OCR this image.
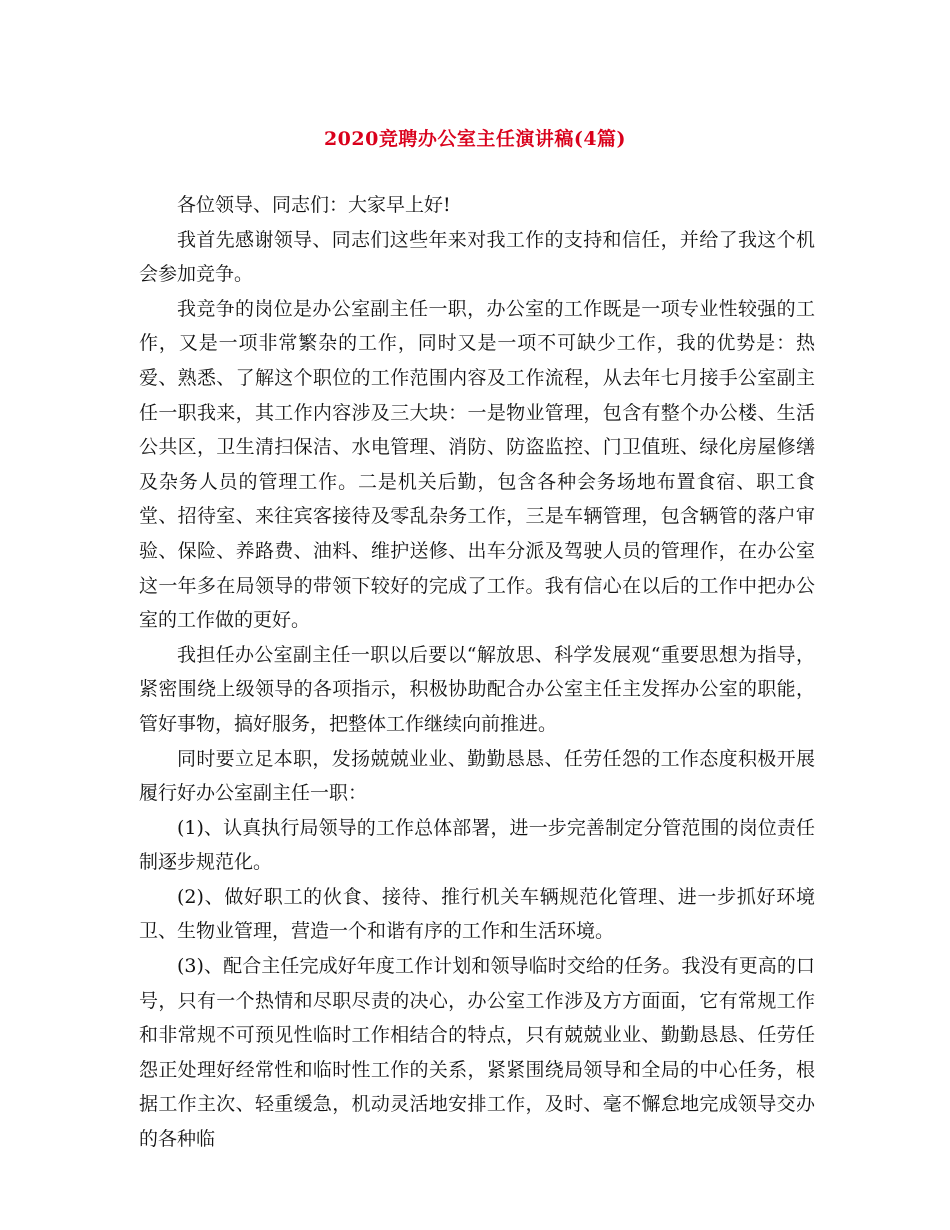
2020竞聘办公室主任演讲稿(4篇)

各位领导、同志们：大家早上好!

我首先感谢领导、同志们这些年来对我工作的支持和信任，并给了我这个机会参加竞争。

我竞争的岗位是办公室副主任一职，办公室的工作既是一项专业性较强的工作，又是一项非常繁杂的工作，同时又是一项不可缺少工作，我的优势是：热爱、熟悉、了解这个职位的工作范围内容及工作流程，从去年七月接手公室副主任一职我来，其工作内容涉及三大块：一是物业管理，包含有整个办公楼、生活公共区，卫生清扫保洁、水电管理、消防、防盗监控、门卫值班、绿化房屋修缮及杂务人员的管理工作。二是机关后勤，包含各种会务场地布置食宿、职工食堂、招待室、来往宾客接待及零乱杂务工作，三是车辆管理，包含辆管的落户审验、保险、养路费、油料、维护送修、出车分派及驾驶人员的管理作，在办公室这一年多在局领导的带领下较好的完成了工作。我有信心在以后的工作中把办公室的工作做的更好。

我担任办公室副主任一职以后要以“解放思、科学发展观“重要思想为指导，紧密围绕上级领导的各项指示，积极协助配合办公室主任主发挥办公室的职能，管好事物，搞好服务，把整体工作继续向前推进。

同时要立足本职，发扬兢兢业业、勤勤恳恳、任劳任怨的工作态度积极开展履行好办公室副主任一职：

(1)、认真执行局领导的工作总体部署，进一步完善制定分管范围的岗位责任制逐步规范化。

(2)、做好职工的伙食、接待、推行机关车辆规范化管理、进一步抓好环境卫、生物业管理，营造一个和谐有序的工作和生活环境。

(3)、配合主任完成好年度工作计划和领导临时交给的任务。我没有更高的口号，只有一个热情和尽职尽责的决心，办公室工作涉及方方面面，它有常规工作和非常规不可预见性临时工作相结合的特点，只有兢兢业业、勤勤恳恳、任劳任怨正处理好经常性和临时性工作的关系，紧紧围绕局领导和全局的中心任务，根据工作主次、轻重缓急，机动灵活地安排工作，及时、毫不懈怠地完成领导交办的各种临
